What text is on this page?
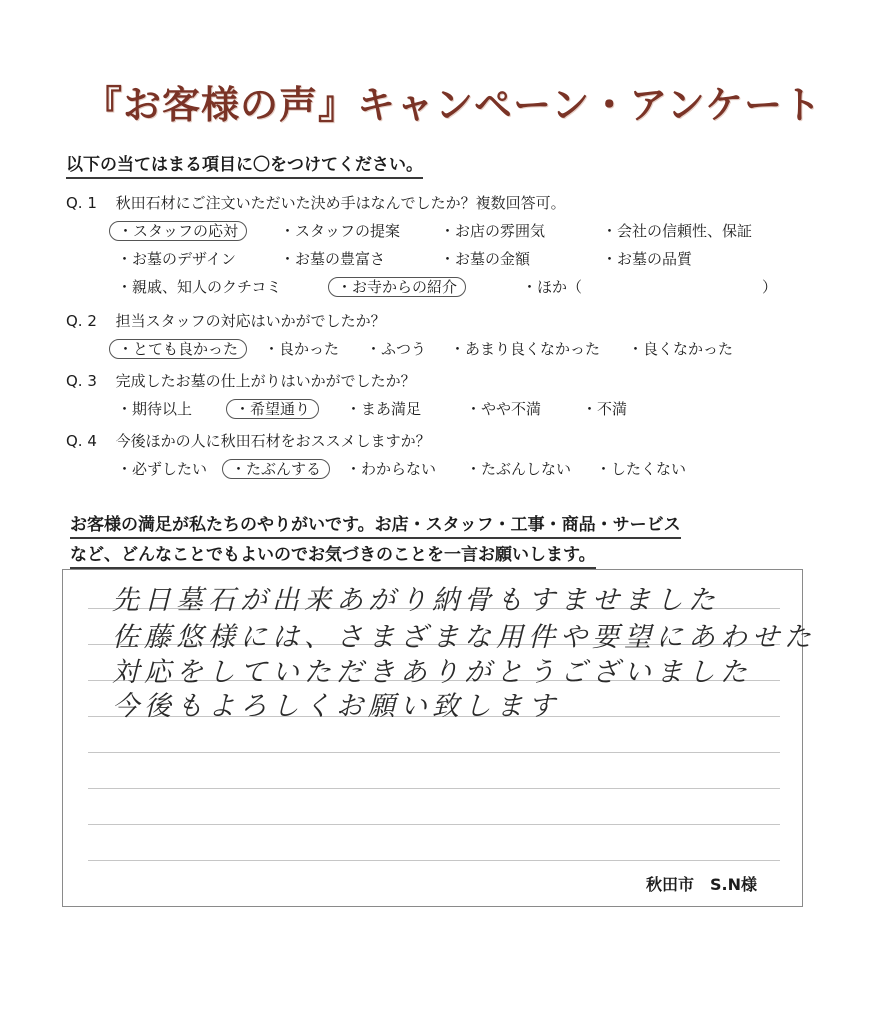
『お客様の声』キャンペーン・アンケート
以下の当てはまる項目に〇をつけてください。
Q. 1 秋田石材にご注文いただいた決め手はなんでしたか？複数回答可。
・スタッフの応対	・スタッフの提案	・お店の雰囲気	・会社の信頼性、保証
・お墓のデザイン	・お墓の豊富さ	・お墓の金額	・お墓の品質
・親戚、知人のクチコミ	・お寺からの紹介	・ほか（	）
Q. 2 担当スタッフの対応はいかがでしたか？
・とても良かった	・良かった ・ふつう ・あまり良くなかった ・良くなかった
Q. 3 完成したお墓の仕上がりはいかがでしたか？
・期待以上	・希望通り	・まあ満足	・やや不満	・不満
Q. 4 今後ほかの人に秋田石材をおススメしますか？
・必ずしたい ・たぶんする	・わからない ・たぶんしない ・したくない
お客様の満足が私たちのやりがいです。お店・スタッフ・工事・商品・サービス
など、どんなことでもよいのでお気づきのことを一言お願いします。
先日墓石が出来あがり納骨もすませました
佐藤悠様には、さまざまな用件や要望にあわせた
対応をしていただきありがとうございました
今後もよろしくお願い致します
秋田市　S.N様
